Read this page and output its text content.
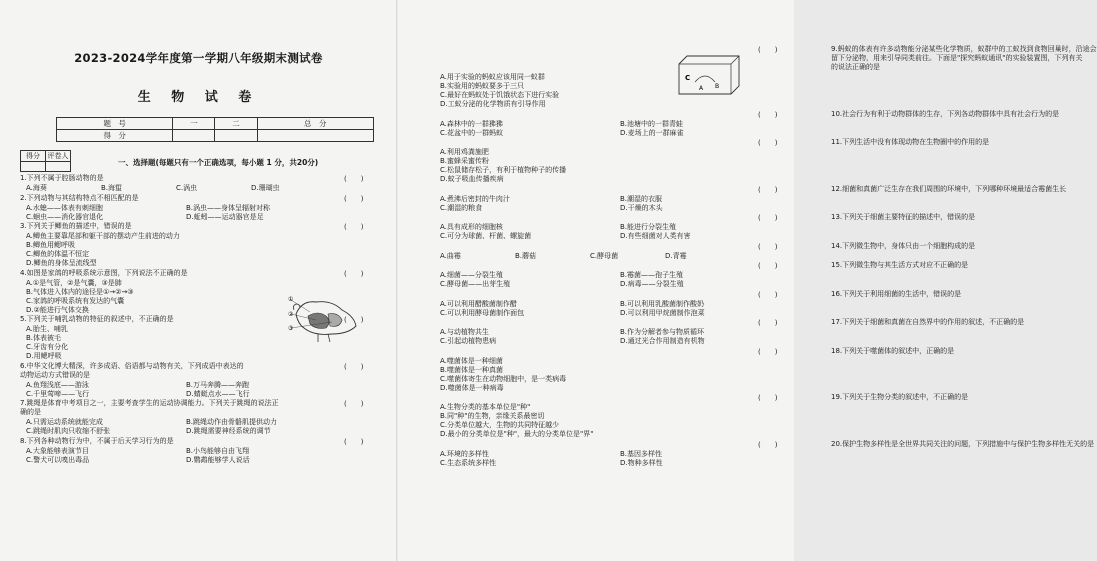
2023-2024学年度第一学期八年级期末测试卷
生 物 试 卷
题　号	一	二	总　分
得　分			
得分	评卷人

一、选择题(每题只有一个正确选项，每小题 1 分，共20分)
1.下列不属于腔肠动物的是	(　　)
A.海葵	B.海蜇	C.涡虫	D.珊瑚虫
2.下列动物与其结构特点不相匹配的是	(　　)
A.水螅——体表有刺细胞	B.涡虫——身体呈辐射对称
C.蛔虫——消化器官退化	D.蚯蚓——运动器官是足
3.下列关于鲫鱼的描述中，错误的是	(　　)
A.鲫鱼主要靠尾部和躯干部的摆动产生前进的动力
B.鲫鱼用鳃呼吸
C.鲫鱼的体温不恒定
D.鲫鱼的身体呈流线型
4.如图是家鸽的呼吸系统示意图，下列说法不正确的是	(　　)
A.①是气管，②是气囊，③是肺
B.气体进入体内的途径是①→②→③
C.家鸽的呼吸系统有发达的气囊
D.②能进行气体交换
5.下列关于哺乳动物的特征的叙述中，不正确的是	(　　)
A.胎生、哺乳
B.体表被毛
C.牙齿有分化
D.用鳃呼吸
6.中华文化博大精深，许多成语、俗语都与动物有关，下列成语中表达的	(　　)
动物运动方式错误的是
A.鱼翔浅底——游泳	B.万马奔腾——奔跑
C.千里莺啼——飞行	D.蜻蜓点水——飞行
7.跳绳是体育中考项目之一，主要考查学生的运动协调能力。下列关于跳绳的说法正	(　　)
确的是
A.只需运动系统就能完成	B.跳绳动作由骨骼肌提供动力
C.跳绳时肌肉只收缩不舒张	D.跳绳需要神经系统的调节
8.下列各种动物行为中，不属于后天学习行为的是	(　　)
A.大象能够表演节目	B.小鸟能够自由飞翔
C.警犬可以嗅出毒品	D.鹦鹉能够学人说话
①
②
③
9.蚂蚁的体表有许多动物能分泌某些化学物质，蚁群中的工蚁找到食物回巢时，沿途会
(　　)
留下分泌物，用来引导同类前往。下面是"探究蚂蚁通讯"的实验装置图，下列有关
的说法正确的是
A.用于实验的蚂蚁应该用同一蚁群
B.实验用的蚂蚁要多于三只
C.最好在蚂蚁处于饥饿状态下进行实验
D.工蚁分泌的化学物质有引导作用
10.社会行为有利于动物群体的生存，下列各动物群体中具有社会行为的是
(　　)
A.森林中的一群狒狒	B.池塘中的一群青蛙
C.花盆中的一群蚂蚁	D.麦场上的一群麻雀
11.下列生活中没有体现动物在生物圈中的作用的是
(　　)
A.利用鸡粪施肥
B.蜜蜂采蜜传粉
C.松鼠储存松子，有利于植物种子的传播
D.蚊子吸血传播疾病
12.细菌和真菌广泛生存在我们周围的环境中，下列哪种环境最适合霉菌生长
(　　)
A.煮沸后密封的牛肉汁	B.潮湿的衣服
C.潮湿的粮食	D.干燥的木头
13.下列关于细菌主要特征的描述中，错误的是
(　　)
A.具有成形的细胞核	B.能进行分裂生殖
C.可分为球菌、杆菌、螺旋菌	D.有些细菌对人类有害
14.下列微生物中，身体只由一个细胞构成的是
(　　)
A.曲霉	B.蘑菇	C.酵母菌	D.青霉
15.下列微生物与其生活方式对应不正确的是
(　　)
A.细菌——分裂生殖	B.霉菌——孢子生殖
C.酵母菌——出芽生殖	D.病毒——分裂生殖
16.下列关于利用细菌的生活中，错误的是
(　　)
A.可以利用醋酸菌制作醋	B.可以利用乳酸菌制作酸奶
C.可以利用酵母菌制作面包	D.可以利用甲烷菌制作泡菜
17.下列关于细菌和真菌在自然界中的作用的叙述，不正确的是
(　　)
A.与动植物共生	B.作为分解者参与物质循环
C.引起动植物患病	D.通过光合作用制造有机物
18.下列关于噬菌体的叙述中，正确的是
(　　)
A.噬菌体是一种细菌
B.噬菌体是一种真菌
C.噬菌体寄生在动物细胞中，是一类病毒
D.噬菌体是一种病毒
19.下列关于生物分类的叙述中，不正确的是
(　　)
A.生物分类的基本单位是"种"
B.同"种"的生物，亲缘关系最密切
C.分类单位越大，生物的共同特征越少
D.最小的分类单位是"种"，最大的分类单位是"界"
20.保护生物多样性是全世界共同关注的问题，下列措施中与保护生物多样性无关的是
(　　)
A.环境的多样性	B.基因多样性
C.生态系统多样性	D.物种多样性
C
A B
